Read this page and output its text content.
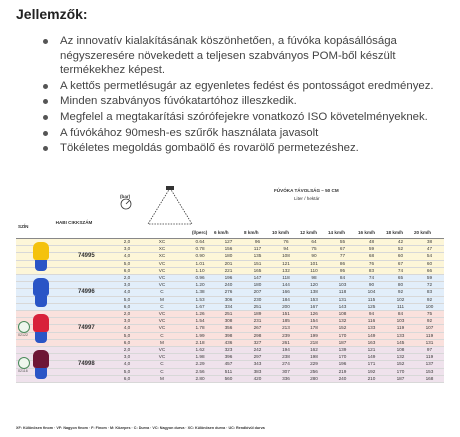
Jellemzők:
Az innovatív kialakításának köszönhetően, a fúvóka kopásállósága négyszeresére növekedett a teljesen szabványos POM-ből készült termékekhez képest.
A kettős permetlésugár az egyenletes fedést és pontosságot eredményez.
Minden szabványos fúvókatartóhoz illeszkedik.
Megfelel a megtakarítási szórófejekre vonatkozó ISO követelményeknek.
A fúvókához 90mesh-es szűrők használata javasolt
Tökéletes megoldás gombaölő és rovarölő permetezéshez.
SZÍN
HABI CIKKSZÁM
(bar)
(l/perc)
FÚVÓKA TÁVOLSÁG – 50 CM
Liter / hektár
6 km/h	8 km/h	10 km/h 12 km/h 14 km/h	16 km/h 18 km/h 20 km/h
		2,0	XC	0.64	127	96	76	64	55	48	42	38
		3,0	XC	0.78	156	117	94	75	67	59	52	47
		4,0	XC	0.90	180	135	108	90	77	68	60	54
		5,0	VC	1.01	201	151	121	101	86	76	67	60
		6,0	VC	1.10	221	165	132	110	95	83	74	66
		2,0	VC	0.96	196	147	118	98	84	74	65	59
		3,0	VC	1.20	240	180	144	120	103	90	80	72
		4,0	C	1.38	276	207	166	138	118	104	92	83
		5,0	M	1.53	306	230	184	153	131	115	102	92
		6,0	C	1.67	334	251	200	167	143	125	111	100
		2,0	VC	1.26	251	189	151	126	108	94	84	75
		3,0	VC	1.54	308	231	185	154	132	116	103	92
		4,0	VC	1.78	356	267	213	178	152	133	119	107
		5,0	C	1.99	398	298	239	199	170	149	133	119
		6,0	M	2.18	436	327	261	218	187	163	145	131
		2,0	VC	1.62	323	242	194	162	139	121	108	97
		3,0	VC	1.98	396	297	238	198	170	149	132	119
		4,0	C	2.29	457	343	274	229	196	171	152	137
		5,0	C	2.56	511	383	307	256	219	192	170	153
		6,0	M	2.80	560	420	336	280	240	210	187	168
74995
74996
74997
02122
74998
02116
XF: Különösen finom · VF: Nagyon finom · F: Finom · M: Közepes · C: Durva · VC: Nagyon durva · XC: Különösen durva · UC: Rendkívül durva
